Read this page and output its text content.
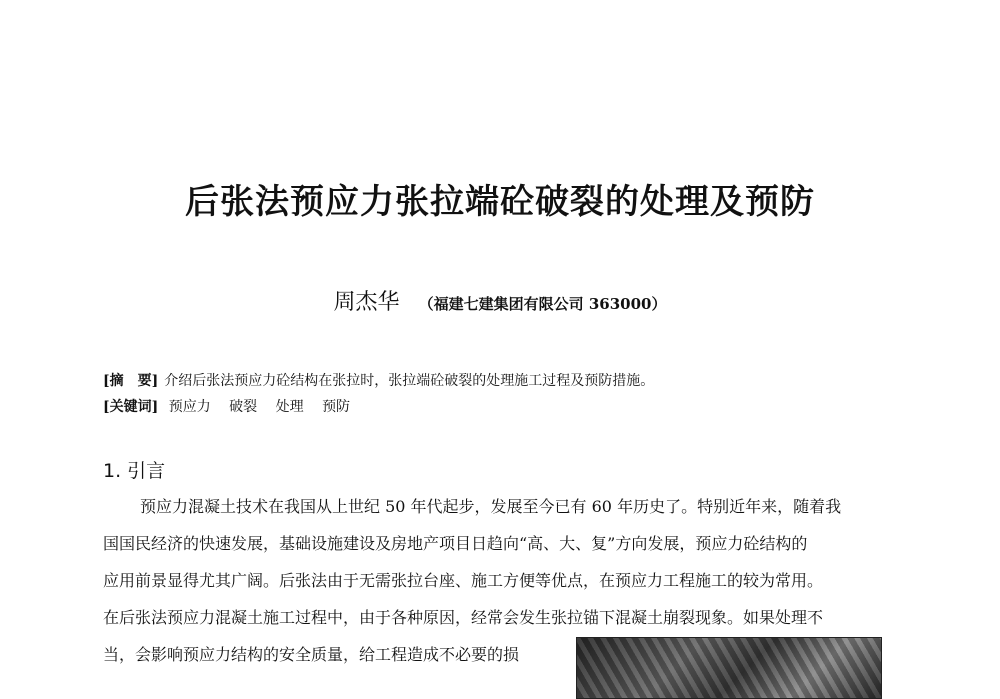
后张法预应力张拉端砼破裂的处理及预防
周杰华 （福建七建集团有限公司 363000）
[摘　要] 介绍后张法预应力砼结构在张拉时，张拉端砼破裂的处理施工过程及预防措施。
[关键词] 预应力 破裂 处理 预防
1. 引言
预应力混凝土技术在我国从上世纪 50 年代起步，发展至今已有 60 年历史了。特别近年来，随着我
国国民经济的快速发展，基础设施建设及房地产项目日趋向“高、大、复”方向发展，预应力砼结构的
应用前景显得尤其广阔。后张法由于无需张拉台座、施工方便等优点，在预应力工程施工的较为常用。
在后张法预应力混凝土施工过程中，由于各种原因，经常会发生张拉锚下混凝土崩裂现象。如果处理不
当，会影响预应力结构的安全质量，给工程造成不必要的损
